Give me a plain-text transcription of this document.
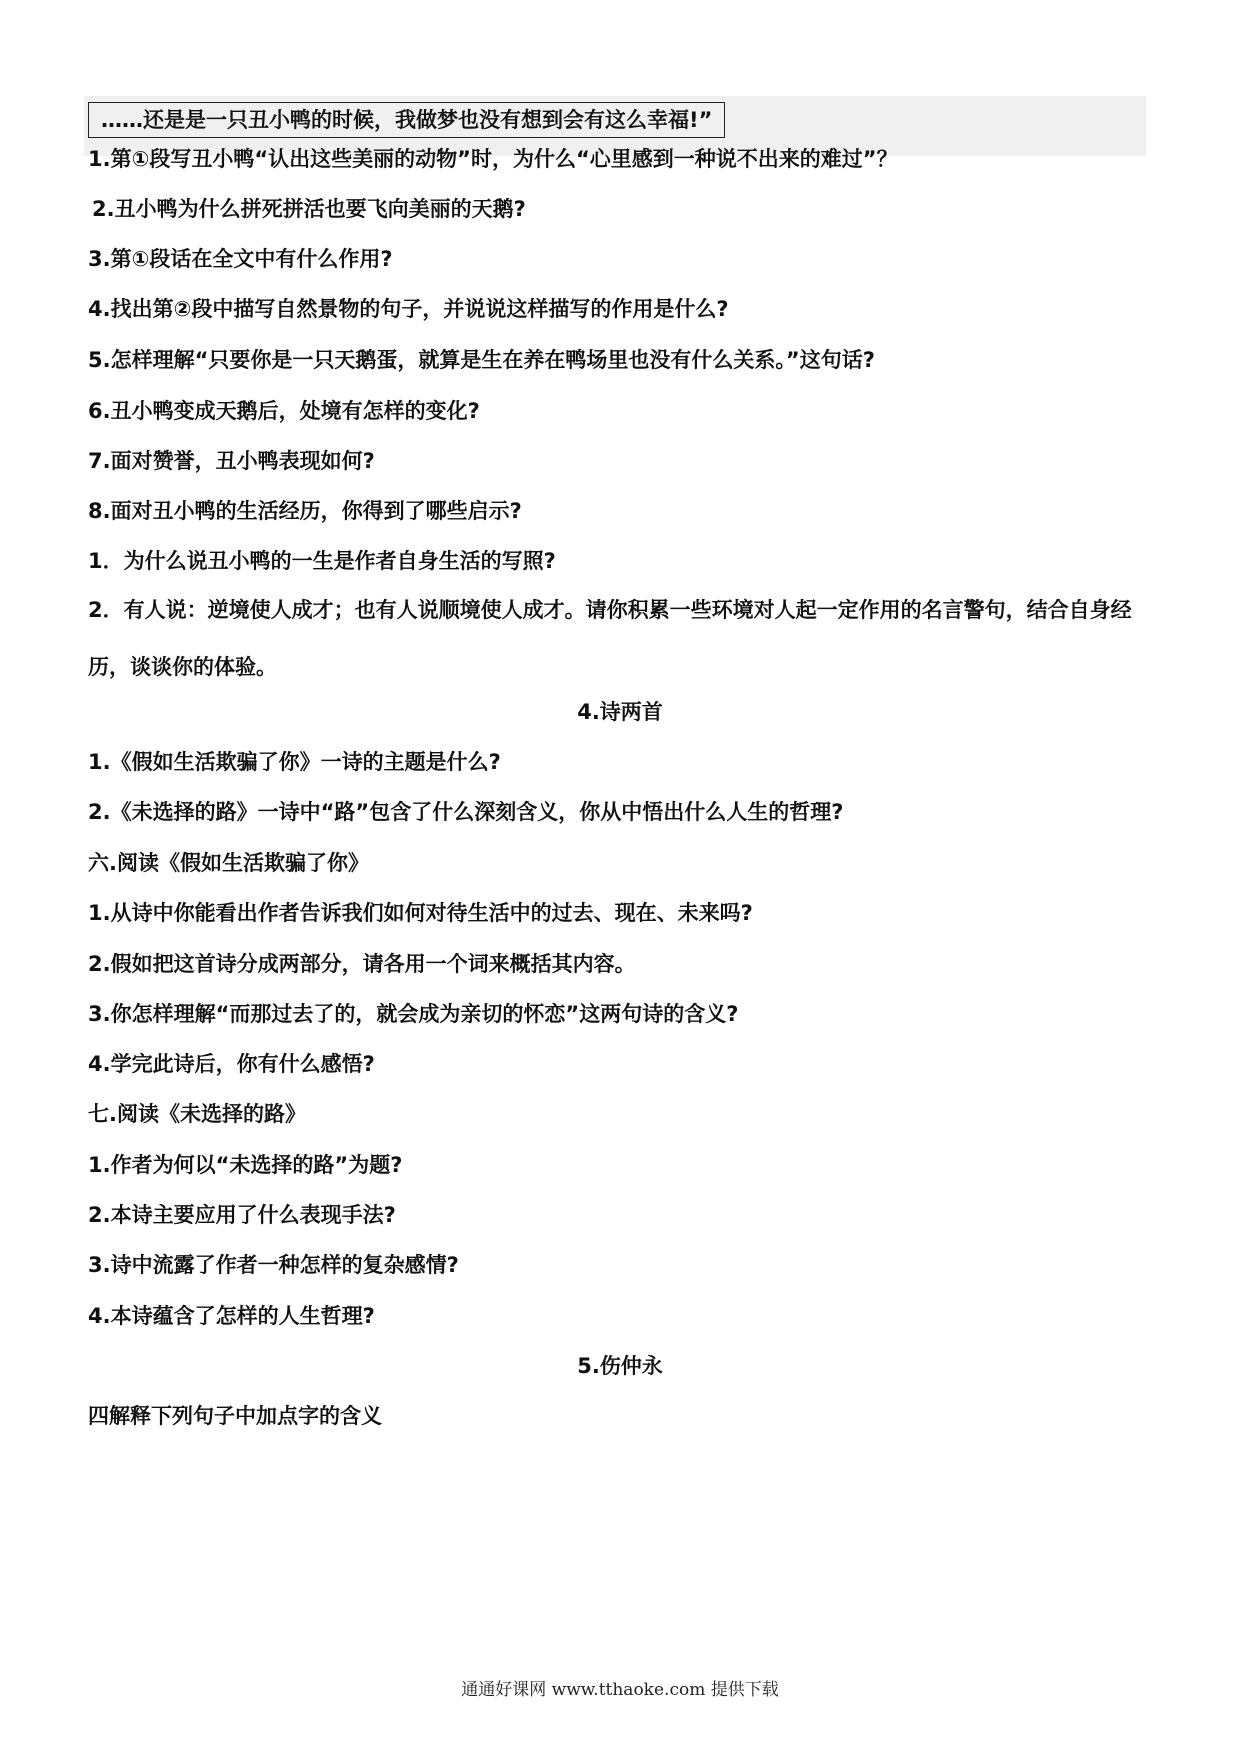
……还是是一只丑小鸭的时候，我做梦也没有想到会有这么幸福!”
1.第①段写丑小鸭“认出这些美丽的动物”时，为什么“心里感到一种说不出来的难过”？
2.丑小鸭为什么拼死拼活也要飞向美丽的天鹅?
3.第①段话在全文中有什么作用?
4.找出第②段中描写自然景物的句子，并说说这样描写的作用是什么?
5.怎样理解“只要你是一只天鹅蛋，就算是生在养在鸭场里也没有什么关系。”这句话?
6.丑小鸭变成天鹅后，处境有怎样的变化?
7.面对赞誉，丑小鸭表现如何?
8.面对丑小鸭的生活经历，你得到了哪些启示?
1．为什么说丑小鸭的一生是作者自身生活的写照?
2．有人说：逆境使人成才；也有人说顺境使人成才。请你积累一些环境对人起一定作用的名言警句，结合自身经历，谈谈你的体验。
4.诗两首
1.《假如生活欺骗了你》一诗的主题是什么?
2.《未选择的路》一诗中“路”包含了什么深刻含义，你从中悟出什么人生的哲理?
六.阅读《假如生活欺骗了你》
1.从诗中你能看出作者告诉我们如何对待生活中的过去、现在、未来吗?
2.假如把这首诗分成两部分，请各用一个词来概括其内容。
3.你怎样理解“而那过去了的，就会成为亲切的怀恋”这两句诗的含义?
4.学完此诗后，你有什么感悟?
七.阅读《未选择的路》
1.作者为何以“未选择的路”为题?
2.本诗主要应用了什么表现手法?
3.诗中流露了作者一种怎样的复杂感情?
4.本诗蕴含了怎样的人生哲理?
5.伤仲永
四解释下列句子中加点字的含义
通通好课网 www.tthaoke.com 提供下载
